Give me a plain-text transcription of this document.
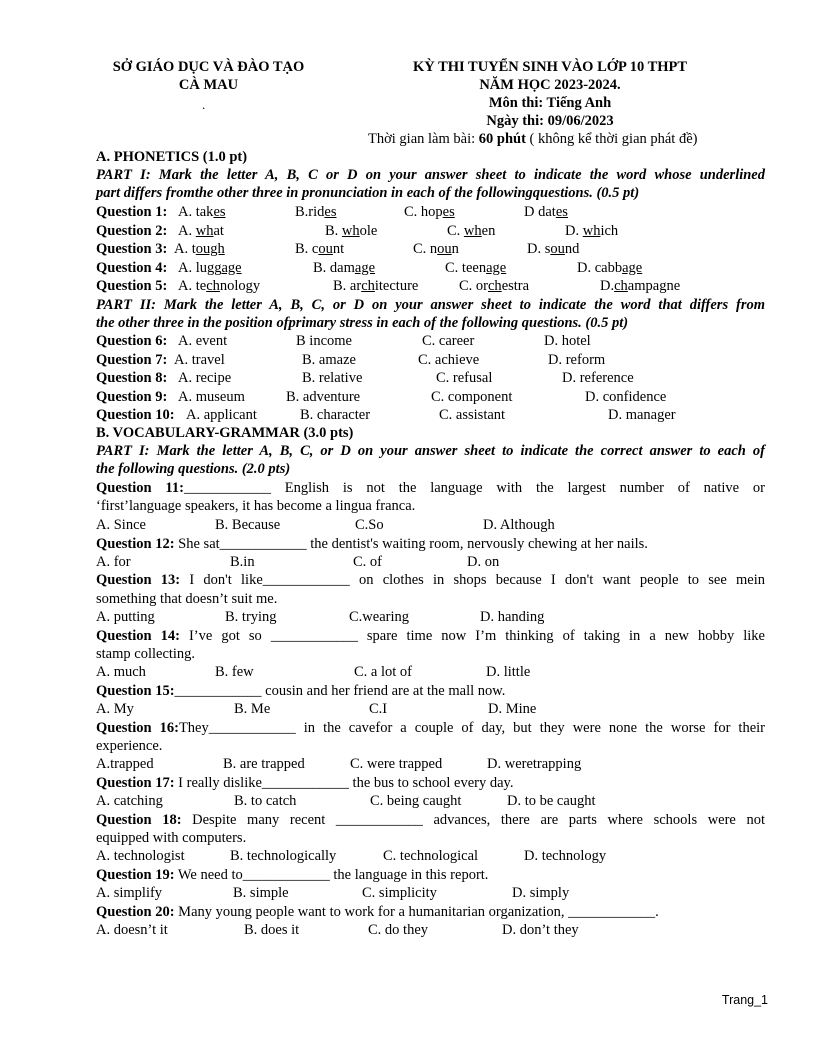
SỞ GIÁO DỤC VÀ ĐÀO TẠO
CÀ MAU
.
KỲ THI TUYỂN SINH VÀO LỚP 10 THPT
NĂM HỌC 2023-2024.
Môn thi: Tiếng Anh
Ngày thi: 09/06/2023
Thời gian làm bài: 60 phút ( không kể thời gian phát đề)
A. PHONETICS (1.0 pt)
PART I: Mark the letter A, B, C or D on your answer sheet to indicate the word whose underlined
part differs fromthe other three in pronunciation in each of the followingquestions. (0.5 pt)
Question 1: A. takes	B.rides	C. hopes	D dates
Question 2: A. what	B. whole	C. when	D. which
Question 3: A. tough	B. count	C. noun	D. sound
Question 4: A. luggage	B. damage	C. teenage	D. cabbage
Question 5: A. technology	B. architecture	C. orchestra	D.champagne
PART II: Mark the letter A, B, C, or D on your answer sheet to indicate the word that differs from
the other three in the position ofprimary stress in each of the following questions. (0.5 pt)
Question 6: A. event	B income	C. career	D. hotel
Question 7: A. travel	B. amaze	C. achieve	D. reform
Question 8: A. recipe	B. relative	C. refusal	D. reference
Question 9: A. museum	B. adventure	C. component	D. confidence
Question 10: A. applicant	B. character	C. assistant	D. manager
B. VOCABULARY-GRAMMAR (3.0 pts)
PART I: Mark the letter A, B, C, or D on your answer sheet to indicate the correct answer to each of
the following questions. (2.0 pts)
Question 11:____________ English is not the language with the largest number of native or
‘first’language speakers, it has become a lingua franca.
A. Since	B. Because	C.So	D. Although
Question 12: She sat____________ the dentist's waiting room, nervously chewing at her nails.
A. for	B.in	C. of	D. on
Question 13: I don't like____________ on clothes in shops because I don't want people to see mein
something that doesn’t suit me.
A. putting	B. trying	C.wearing	D. handing
Question 14: I’ve got so ____________ spare time now I’m thinking of taking in a new hobby like
stamp collecting.
A. much	B. few	C. a lot of	D. little
Question 15:____________ cousin and her friend are at the mall now.
A. My	B. Me	C.I	D. Mine
Question 16:They____________ in the cavefor a couple of day, but they were none the worse for their
experience.
A.trapped	B. are trapped	C. were trapped	D. weretrapping
Question 17: I really dislike____________ the bus to school every day.
A. catching	B. to catch	C. being caught	D. to be caught
Question 18: Despite many recent ____________ advances, there are parts where schools were not
equipped with computers.
A. technologist	B. technologically	C. technological	D. technology
Question 19: We need to____________ the language in this report.
A. simplify	B. simple	C. simplicity	D. simply
Question 20: Many young people want to work for a humanitarian organization, ____________.
A. doesn’t it	B. does it	C. do they	D. don’t they
Trang_1
